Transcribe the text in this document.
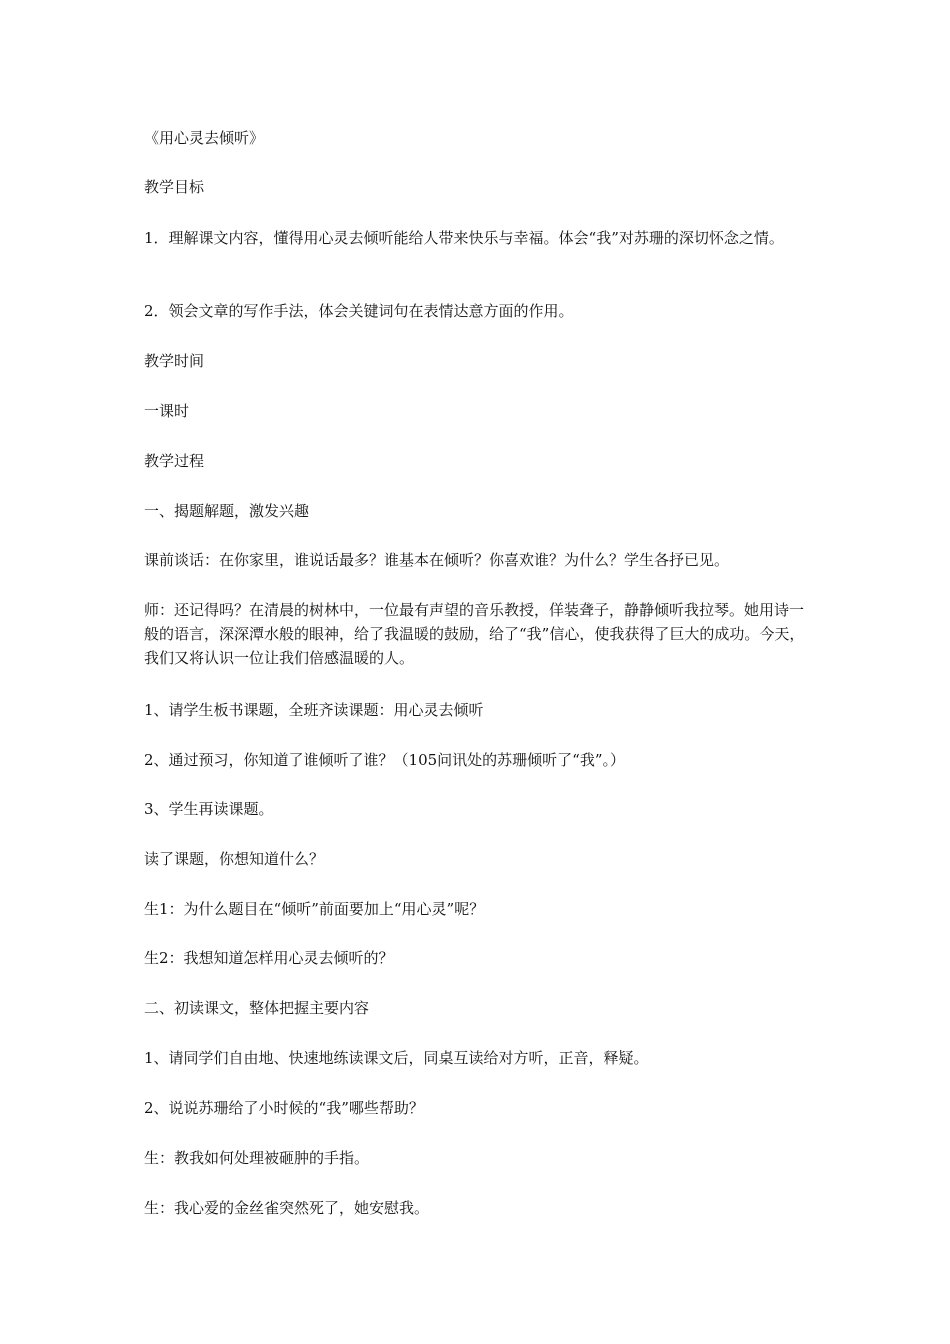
《用心灵去倾听》

教学目标

1．理解课文内容，懂得用心灵去倾听能给人带来快乐与幸福。体会“我”对苏珊的深切怀念之情。

2．领会文章的写作手法，体会关键词句在表情达意方面的作用。

教学时间

一课时

教学过程

一、揭题解题，激发兴趣

课前谈话：在你家里，谁说话最多？谁基本在倾听？你喜欢谁？为什么？学生各抒已见。

师：还记得吗？在清晨的树林中，一位最有声望的音乐教授，佯装聋子，静静倾听我拉琴。她用诗一般的语言，深深潭水般的眼神，给了我温暖的鼓励，给了“我”信心，使我获得了巨大的成功。今天，我们又将认识一位让我们倍感温暖的人。

1、请学生板书课题，全班齐读课题：用心灵去倾听

2、通过预习，你知道了谁倾听了谁？（105问讯处的苏珊倾听了“我”。）

3、学生再读课题。

读了课题，你想知道什么？

生1：为什么题目在“倾听”前面要加上“用心灵”呢？

生2：我想知道怎样用心灵去倾听的？

二、初读课文，整体把握主要内容

1、请同学们自由地、快速地练读课文后，同桌互读给对方听，正音，释疑。

2、说说苏珊给了小时候的“我”哪些帮助？

生：教我如何处理被砸肿的手指。

生：我心爱的金丝雀突然死了，她安慰我。
